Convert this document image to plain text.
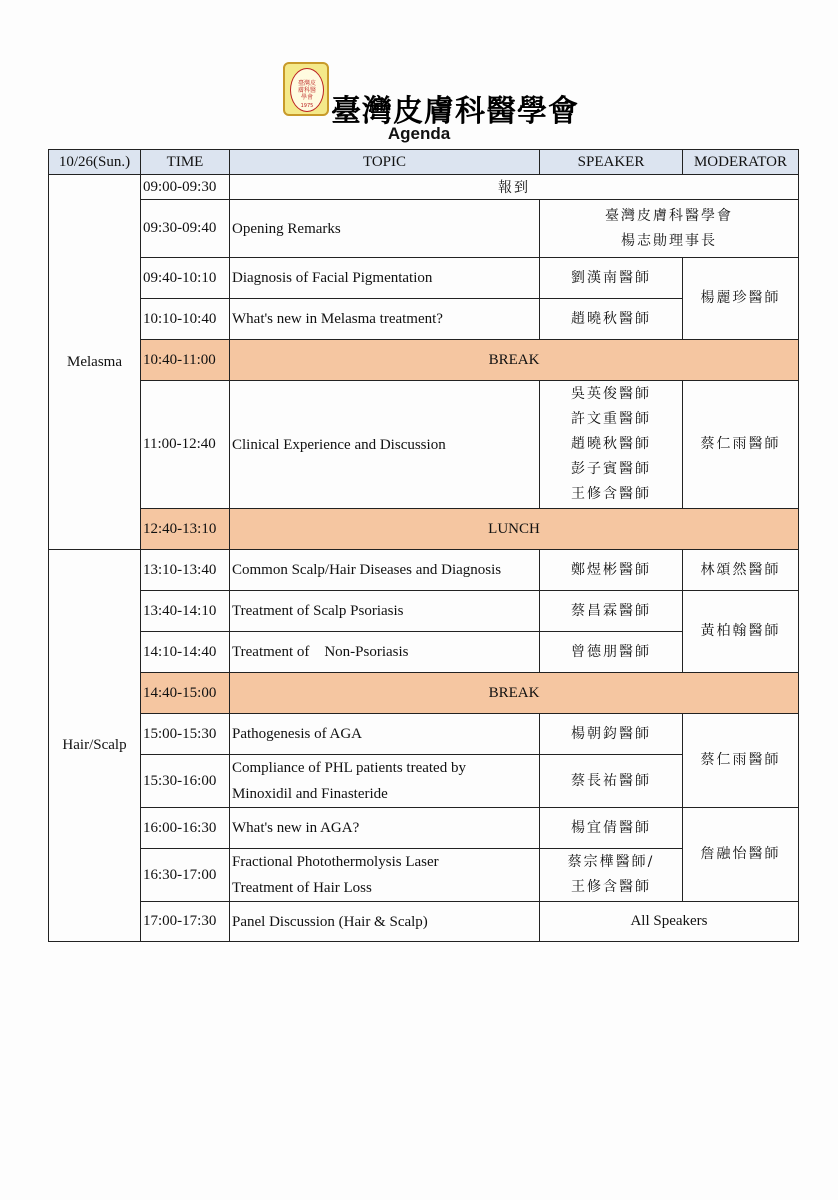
臺灣皮膚科醫學會
1975 臺灣皮膚科醫學會
Agenda
10/26(Sun.)	TIME	TOPIC	SPEAKER	MODERATOR
Melasma	09:00-09:30	報到		
	09:30-09:40	Opening Remarks	臺灣皮膚科醫學會
楊志勛理事長	

	09:40-10:10	Diagnosis of Facial Pigmentation	劉漢南醫師	楊麗珍醫師
	10:10-10:40	What's new in Melasma treatment?	趙曉秋醫師	
	10:40-11:00	BREAK		
	11:00-12:40	Clinical Experience and Discussion	吳英俊醫師
許文重醫師
趙曉秋醫師
彭子賓醫師
王修含醫師	蔡仁雨醫師
	12:40-13:10	LUNCH		
Hair/Scalp	13:10-13:40	Common Scalp/Hair Diseases and Diagnosis	鄭煜彬醫師	林頌然醫師
	13:40-14:10	Treatment of Scalp Psoriasis	蔡昌霖醫師	黃柏翰醫師
	14:10-14:40	Treatment of    Non-Psoriasis	曾德朋醫師	
	14:40-15:00	BREAK		
	15:00-15:30	Pathogenesis of AGA	楊朝鈞醫師	蔡仁雨醫師
	15:30-16:00	Compliance of PHL patients treated by
Minoxidil and Finasteride	蔡長祐醫師	
	16:00-16:30	What's new in AGA?	楊宜倩醫師	詹融怡醫師
	16:30-17:00	Fractional Photothermolysis Laser
Treatment of Hair Loss	蔡宗樺醫師/
王修含醫師	

	17:00-17:30	Panel Discussion (Hair & Scalp)	All Speakers	
